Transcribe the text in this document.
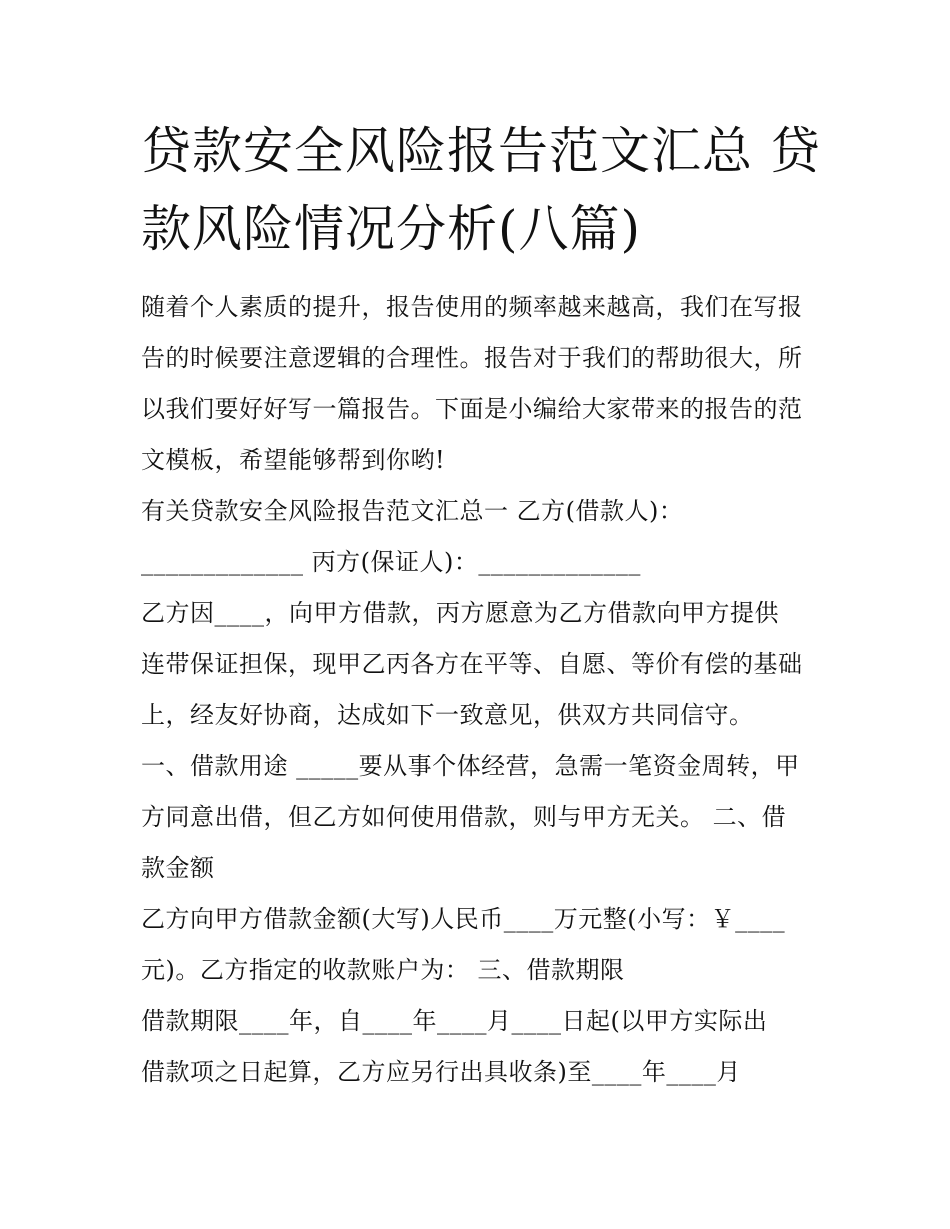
贷款安全风险报告范文汇总 贷
款风险情况分析(八篇)
随着个人素质的提升，报告使用的频率越来越高，我们在写报
告的时候要注意逻辑的合理性。报告对于我们的帮助很大，所
以我们要好好写一篇报告。下面是小编给大家带来的报告的范
文模板，希望能够帮到你哟!
有关贷款安全风险报告范文汇总一 乙方(借款人)：
_____________ 丙方(保证人)：_____________
乙方因____，向甲方借款，丙方愿意为乙方借款向甲方提供
连带保证担保，现甲乙丙各方在平等、自愿、等价有偿的基础
上，经友好协商，达成如下一致意见，供双方共同信守。
一、借款用途 _____要从事个体经营，急需一笔资金周转，甲
方同意出借，但乙方如何使用借款，则与甲方无关。 二、借
款金额
乙方向甲方借款金额(大写)人民币____万元整(小写：￥____
元)。乙方指定的收款账户为： 三、借款期限
借款期限____年，自____年____月____日起(以甲方实际出
借款项之日起算，乙方应另行出具收条)至____年____月
